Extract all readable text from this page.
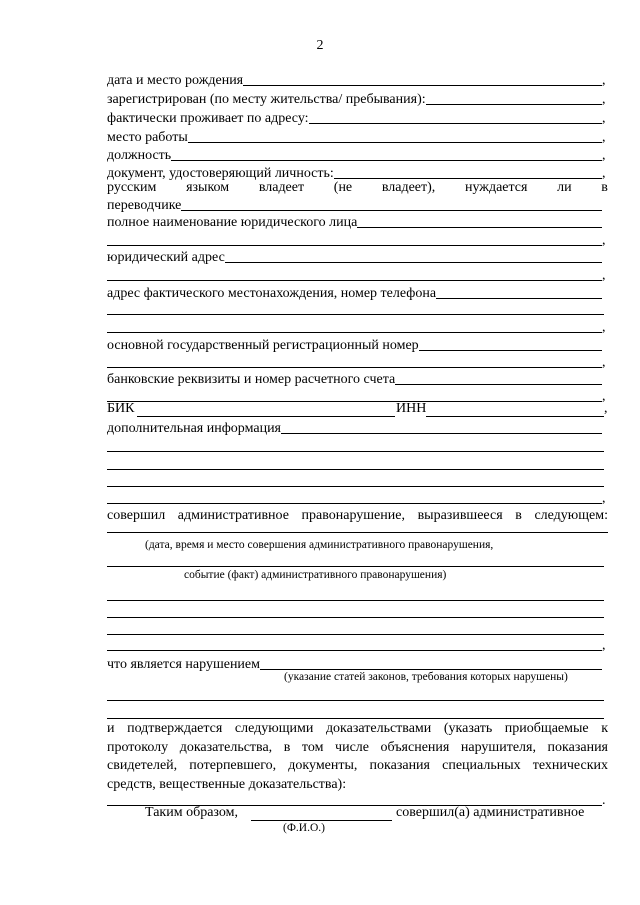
2
дата и место рождения	,
зарегистрирован (по месту жительства/ пребывания):	,
фактически проживает по адресу:	,
место работы	,
должность	,
документ, удостоверяющий личность:	,
русским языком владеет (не владеет), нуждается ли в
переводчике
полное наименование юридического лица
,
юридический адрес
,
адрес фактического местонахождения, номер телефона
,
основной государственный регистрационный номер
,
банковские реквизиты и номер расчетного счета
,
БИК	ИНН	,
дополнительная информация
,
совершил административное правонарушение, выразившееся в следующем:
(дата, время и место совершения административного правонарушения,
событие (факт) административного правонарушения)
,
что является нарушением
(указание статей законов, требования которых нарушены)
и подтверждается следующими доказательствами (указать приобщаемые к протоколу доказательства, в том числе объяснения нарушителя, показания свидетелей, потерпевшего, документы, показания специальных технических средств, вещественные доказательства):
.
Таким образом,	совершил(а) административное
(Ф.И.О.)
